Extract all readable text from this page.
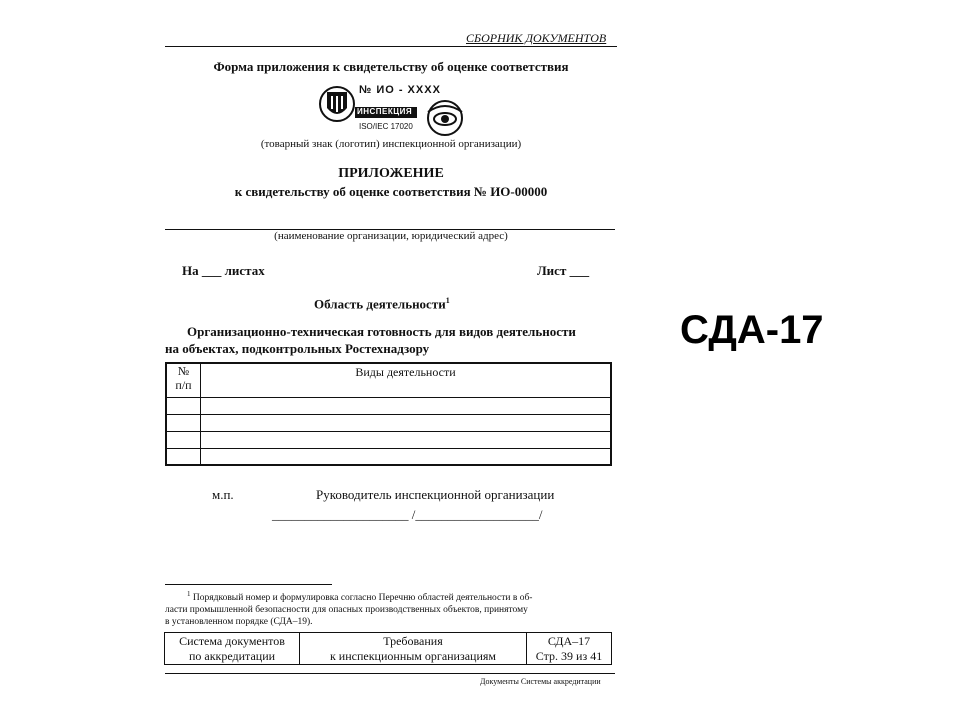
СБОРНИК ДОКУМЕНТОВ
Форма приложения к свидетельству об оценке соответствия
№ ИО - XXXX
ИНСПЕКЦИЯ
ISO/IEC 17020
(товарный знак (логотип) инспекционной организации)
ПРИЛОЖЕНИЕ
к свидетельству об оценке соответствия № ИО-00000
(наименование организации, юридический адрес)
На ___ листах	Лист ___
Область деятельности$^1$
Организационно-техническая готовность для видов деятельности
на объектах, подконтрольных Ростехнадзору
№
п/п	Виды деятельности

м.п.	Руководитель инспекционной организации
_____________________ /___________________/
$^1$ Порядковый номер и формулировка согласно Перечню областей деятельности в об-
ласти промышленной безопасности для опасных производственных объектов, принятому
в установленном порядке (СДА–19).
Система документов
по аккредитации

Требования
к инспекционным организациям

СДА–17
Стр. 39 из 41
Документы Системы аккредитации
СДА-17
